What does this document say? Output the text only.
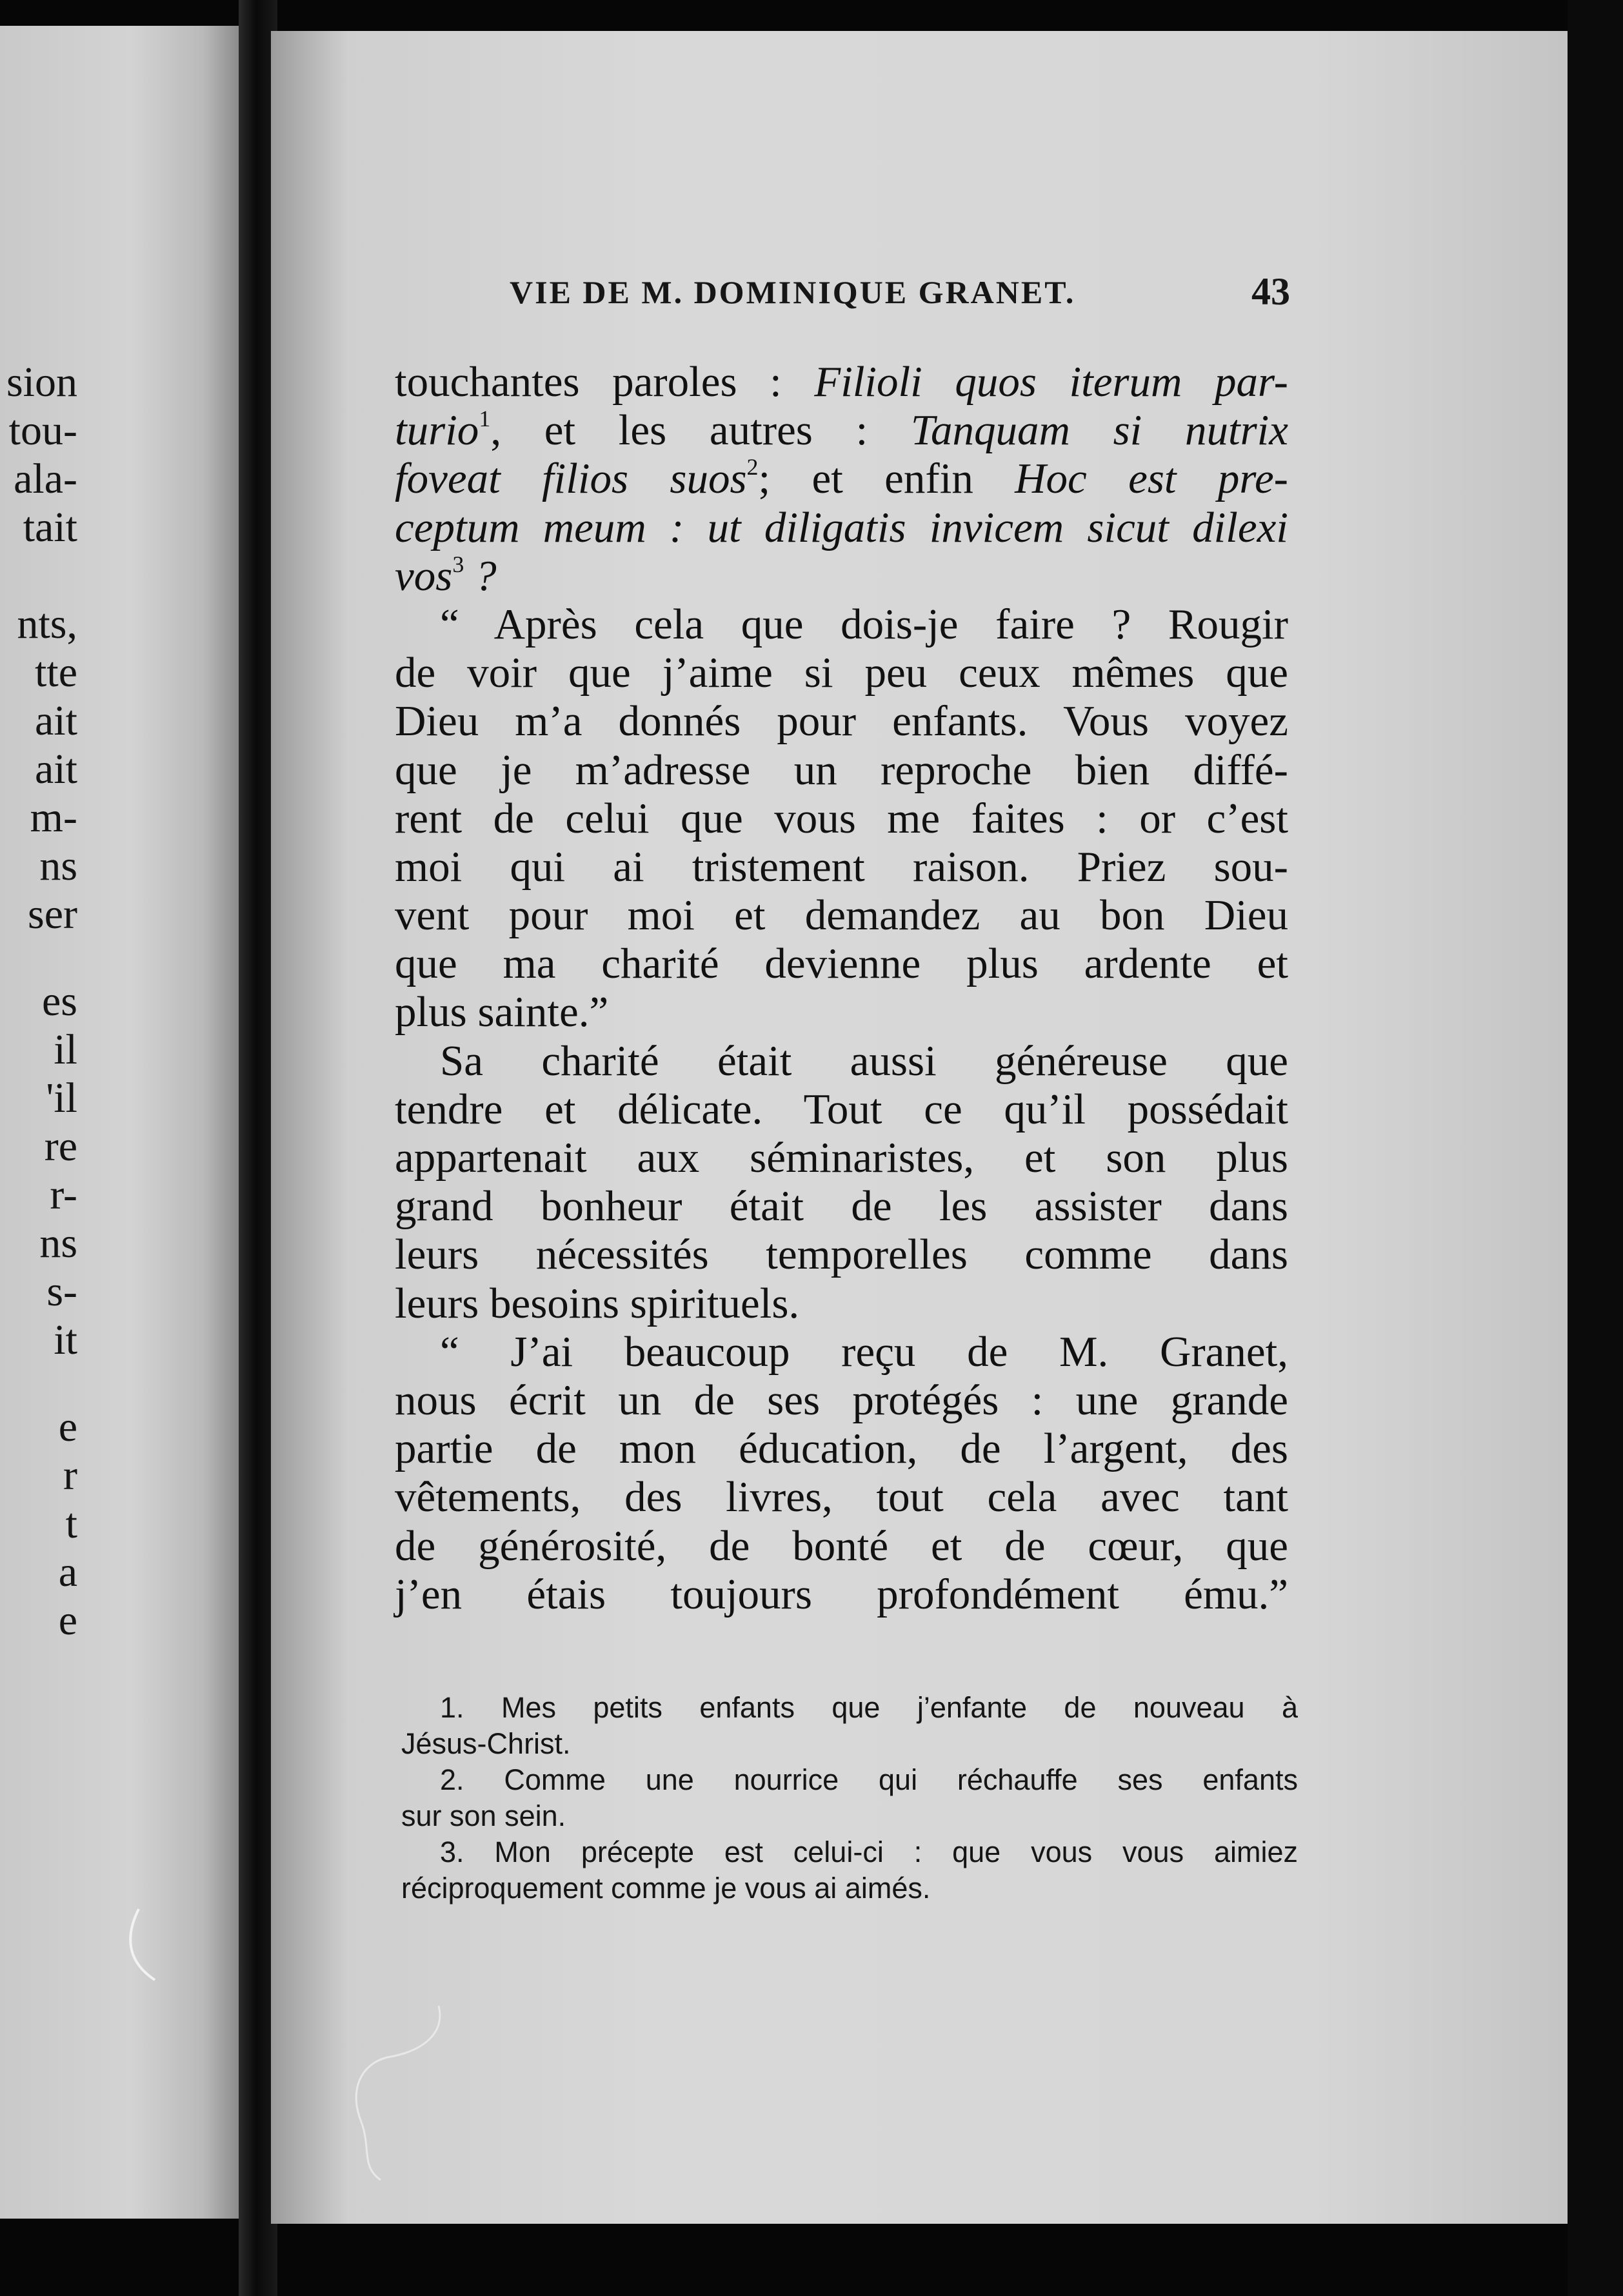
sion
tou-
ala-
tait
nts,
tte
ait
ait
m-
ns
ser
es
il
'il
re
r-
ns
s-
it
e
r
t
a
e
VIE DE M. DOMINIQUE GRANET.	43
touchantes paroles : Filioli quos iterum par-
turio$^1$, et les autres : Tanquam si nutrix
foveat filios suos$^2$; et enfin Hoc est pre-
ceptum meum : ut diligatis invicem sicut dilexi
vos$^3$ ?
“ Après cela que dois-je faire ? Rougir
de voir que j’aime si peu ceux mêmes que
Dieu m’a donnés pour enfants. Vous voyez
que je m’adresse un reproche bien diffé-
rent de celui que vous me faites : or c’est
moi qui ai tristement raison. Priez sou-
vent pour moi et demandez au bon Dieu
que ma charité devienne plus ardente et
plus sainte.”
Sa charité était aussi généreuse que
tendre et délicate. Tout ce qu’il possédait
appartenait aux séminaristes, et son plus
grand bonheur était de les assister dans
leurs nécessités temporelles comme dans
leurs besoins spirituels.
“ J’ai beaucoup reçu de M. Granet,
nous écrit un de ses protégés : une grande
partie de mon éducation, de l’argent, des
vêtements, des livres, tout cela avec tant
de générosité, de bonté et de cœur, que
j’en étais toujours profondément ému.”
1. Mes petits enfants que j’enfante de nouveau à
Jésus-Christ.
2. Comme une nourrice qui réchauffe ses enfants
sur son sein.
3. Mon précepte est celui-ci : que vous vous aimiez
réciproquement comme je vous ai aimés.
